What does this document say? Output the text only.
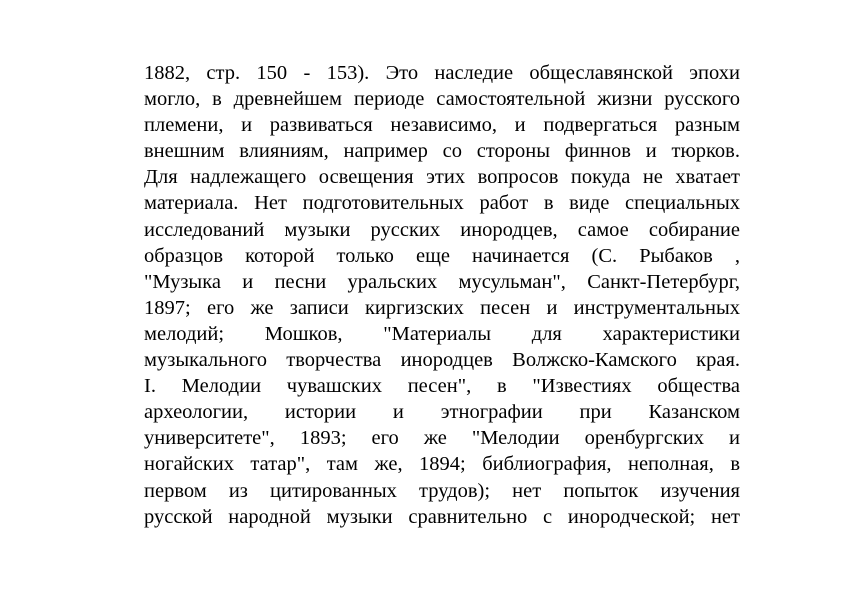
1882, стр. 150 - 153). Это наследие общеславянской эпохи
могло, в древнейшем периоде самостоятельной жизни русского
племени, и развиваться независимо, и подвергаться разным
внешним влияниям, например со стороны финнов и тюрков.
Для надлежащего освещения этих вопросов покуда не хватает
материала. Нет подготовительных работ в виде специальных
исследований музыки русских инородцев, самое собирание
образцов которой только еще начинается (С. Рыбаков ,
"Музыка и песни уральских мусульман", Санкт-Петербург,
1897; его же записи киргизских песен и инструментальных
мелодий; Мошков, "Материалы для характеристики
музыкального творчества инородцев Волжско-Камского края.
I. Мелодии чувашских песен", в "Известиях общества
археологии, истории и этнографии при Казанском
университете", 1893; его же "Мелодии оренбургских и
ногайских татар", там же, 1894; библиография, неполная, в
первом из цитированных трудов); нет попыток изучения
русской народной музыки сравнительно с инородческой; нет
